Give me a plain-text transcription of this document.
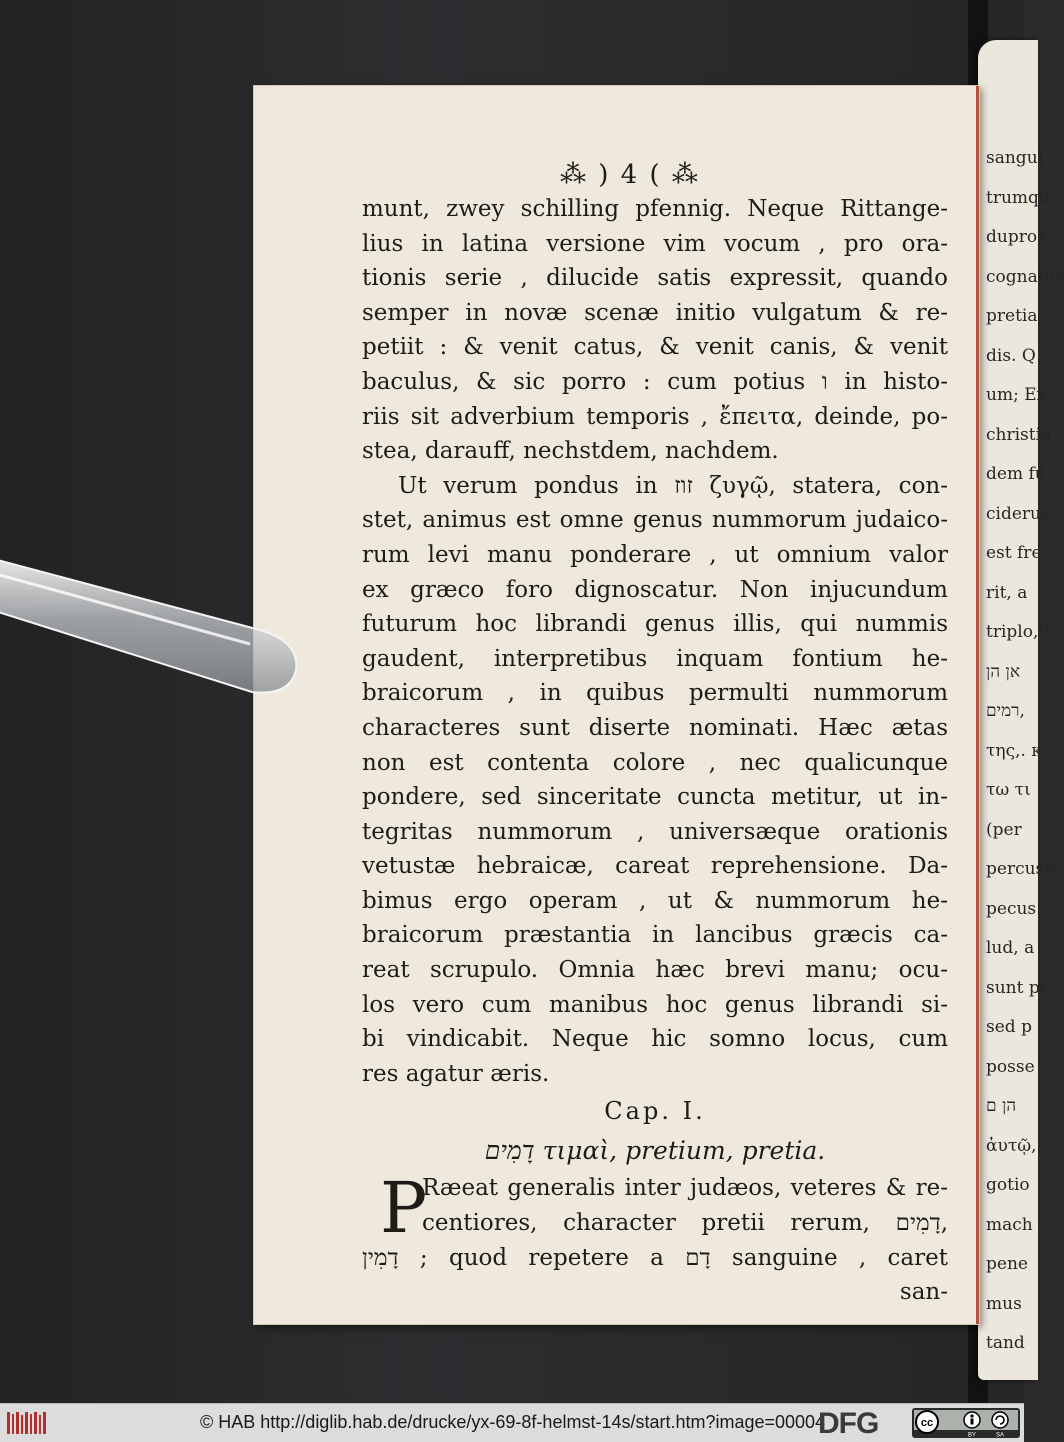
sangui
trumqu
dupros,
cognatus
pretia,
dis. Q
um; Ex
christia
dem fu
ciderut
est fre
rit, a
triplo, b
אן הן
רמים,
της,. κ
τω τι
(per
percussi
pecus
lud, a
sunt pr
sed p
posse
הן ם
ἀυτῷ,
gotio
mach
pene
mus
tand
⁂ ) 4 ( ⁂
munt, zwey schilling pfennig. Neque Rittange-
lius in latina versione vim vocum , pro ora-
tionis serie , dilucide satis expressit, quando
semper in novæ scenæ initio vulgatum & re-
petiit : & venit catus, & venit canis, & venit
baculus, & sic porro : cum potius ו in histo-
riis sit adverbium temporis , ἔπειτα, deinde, po-
stea, darauff, nechstdem, nachdem.
Ut verum pondus in זוז ζυγῷ, statera, con-
stet, animus est omne genus nummorum judaico-
rum levi manu ponderare , ut omnium valor
ex græco foro dignoscatur. Non injucundum
futurum hoc librandi genus illis, qui nummis
gaudent, interpretibus inquam fontium he-
braicorum , in quibus permulti nummorum
characteres sunt diserte nominati. Hæc ætas
non est contenta colore , nec qualicunque
pondere, sed sinceritate cuncta metitur, ut in-
tegritas nummorum , universæque orationis
vetustæ hebraicæ, careat reprehensione. Da-
bimus ergo operam , ut & nummorum he-
braicorum præstantia in lancibus græcis ca-
reat scrupulo. Omnia hæc brevi manu; ocu-
los vero cum manibus hoc genus librandi si-
bi vindicabit. Neque hic somno locus, cum
res agatur æris.
Cap. I.
דָמִים τιμαὶ, pretium, pretia.
P
Ræeat generalis inter judæos, veteres & re-
centiores, character pretii rerum, דָמִים,
דָמִין ; quod repetere a דָם sanguine , caret
san-
© HAB http://diglib.hab.de/drucke/yx-69-8f-helmst-14s/start.htm?image=00004
DFG	cc
BY	SA
